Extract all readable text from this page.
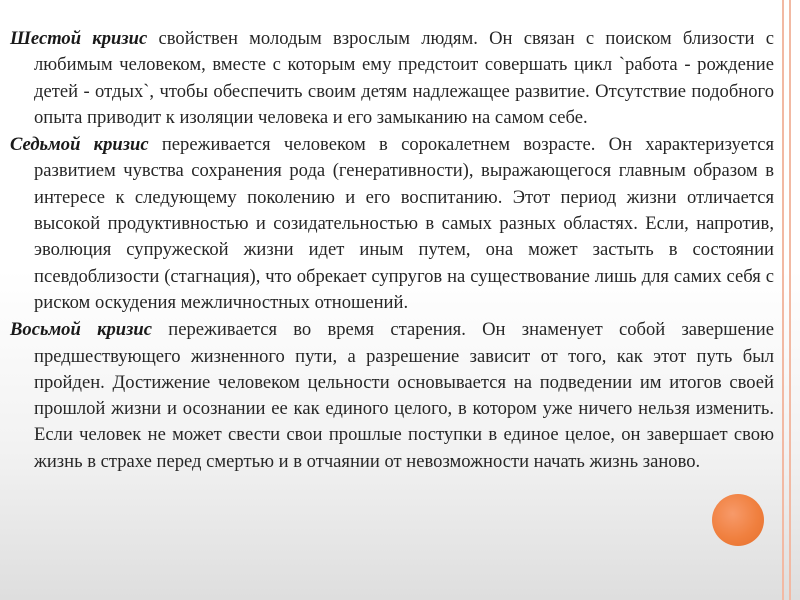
Шестой кризис свойствен молодым взрослым людям. Он связан с поиском близости с любимым человеком, вместе с которым ему предстоит совершать цикл `работа - рождение детей - отдых`, чтобы обеспечить своим детям надлежащее развитие. Отсутствие подобного опыта приводит к изоляции человека и его замыканию на самом себе.

Седьмой кризис переживается человеком в сорокалетнем возрасте. Он характеризуется развитием чувства сохранения рода (генеративности), выражающегося главным образом в интересе к следующему поколению и его воспитанию. Этот период жизни отличается высокой продуктивностью и созидательностью в самых разных областях. Если, напротив, эволюция супружеской жизни идет иным путем, она может застыть в состоянии псевдоблизости (стагнация), что обрекает супругов на существование лишь для самих себя с риском оскудения межличностных отношений.

Восьмой кризис переживается во время старения. Он знаменует собой завершение предшествующего жизненного пути, а разрешение зависит от того, как этот путь был пройден. Достижение человеком цельности основывается на подведении им итогов своей прошлой жизни и осознании ее как единого целого, в котором уже ничего нельзя изменить. Если человек не может свести свои прошлые поступки в единое целое, он завершает свою жизнь в страхе перед смертью и в отчаянии от невозможности начать жизнь заново.
